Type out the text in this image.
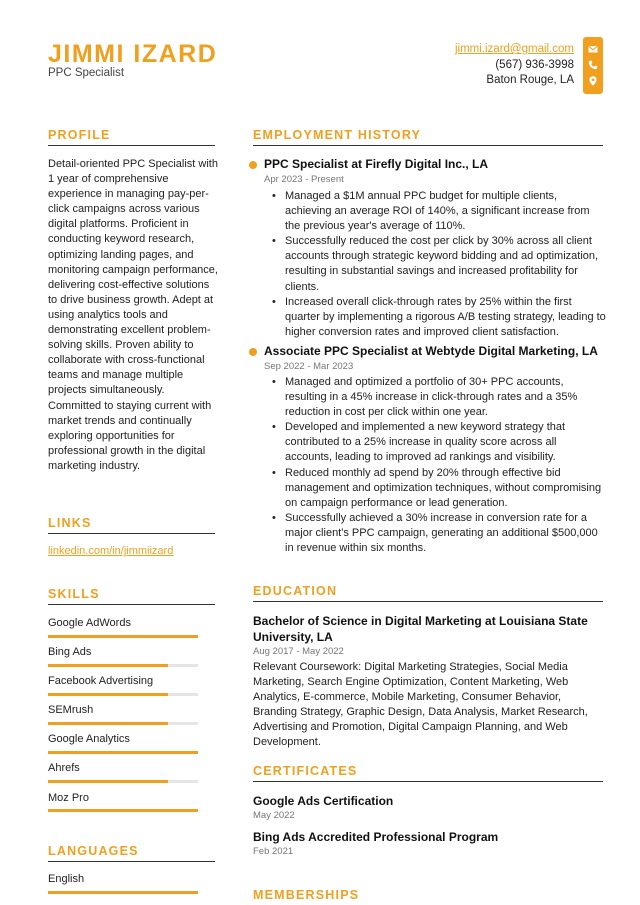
JIMMI IZARD
PPC Specialist
jimmi.izard@gmail.com
(567) 936-3998
Baton Rouge, LA
PROFILE
Detail-oriented PPC Specialist with 1 year of comprehensive experience in managing pay-per-click campaigns across various digital platforms. Proficient in conducting keyword research, optimizing landing pages, and monitoring campaign performance, delivering cost-effective solutions to drive business growth. Adept at using analytics tools and demonstrating excellent problem-solving skills. Proven ability to collaborate with cross-functional teams and manage multiple projects simultaneously. Committed to staying current with market trends and continually exploring opportunities for professional growth in the digital marketing industry.
LINKS
linkedin.com/in/jimmiizard
SKILLS
Google AdWords
Bing Ads
Facebook Advertising
SEMrush
Google Analytics
Ahrefs
Moz Pro
LANGUAGES
English
EMPLOYMENT HISTORY
PPC Specialist at Firefly Digital Inc., LA
Apr 2023 - Present
• Managed a $1M annual PPC budget for multiple clients, achieving an average ROI of 140%, a significant increase from the previous year's average of 110%.
• Successfully reduced the cost per click by 30% across all client accounts through strategic keyword bidding and ad optimization, resulting in substantial savings and increased profitability for clients.
• Increased overall click-through rates by 25% within the first quarter by implementing a rigorous A/B testing strategy, leading to higher conversion rates and improved client satisfaction.
Associate PPC Specialist at Webtyde Digital Marketing, LA
Sep 2022 - Mar 2023
• Managed and optimized a portfolio of 30+ PPC accounts, resulting in a 45% increase in click-through rates and a 35% reduction in cost per click within one year.
• Developed and implemented a new keyword strategy that contributed to a 25% increase in quality score across all accounts, leading to improved ad rankings and visibility.
• Reduced monthly ad spend by 20% through effective bid management and optimization techniques, without compromising on campaign performance or lead generation.
• Successfully achieved a 30% increase in conversion rate for a major client's PPC campaign, generating an additional $500,000 in revenue within six months.
EDUCATION
Bachelor of Science in Digital Marketing at Louisiana State University, LA
Aug 2017 - May 2022
Relevant Coursework: Digital Marketing Strategies, Social Media Marketing, Search Engine Optimization, Content Marketing, Web Analytics, E-commerce, Mobile Marketing, Consumer Behavior, Branding Strategy, Graphic Design, Data Analysis, Market Research, Advertising and Promotion, Digital Campaign Planning, and Web Development.
CERTIFICATES
Google Ads Certification
May 2022
Bing Ads Accredited Professional Program
Feb 2021
MEMBERSHIPS
